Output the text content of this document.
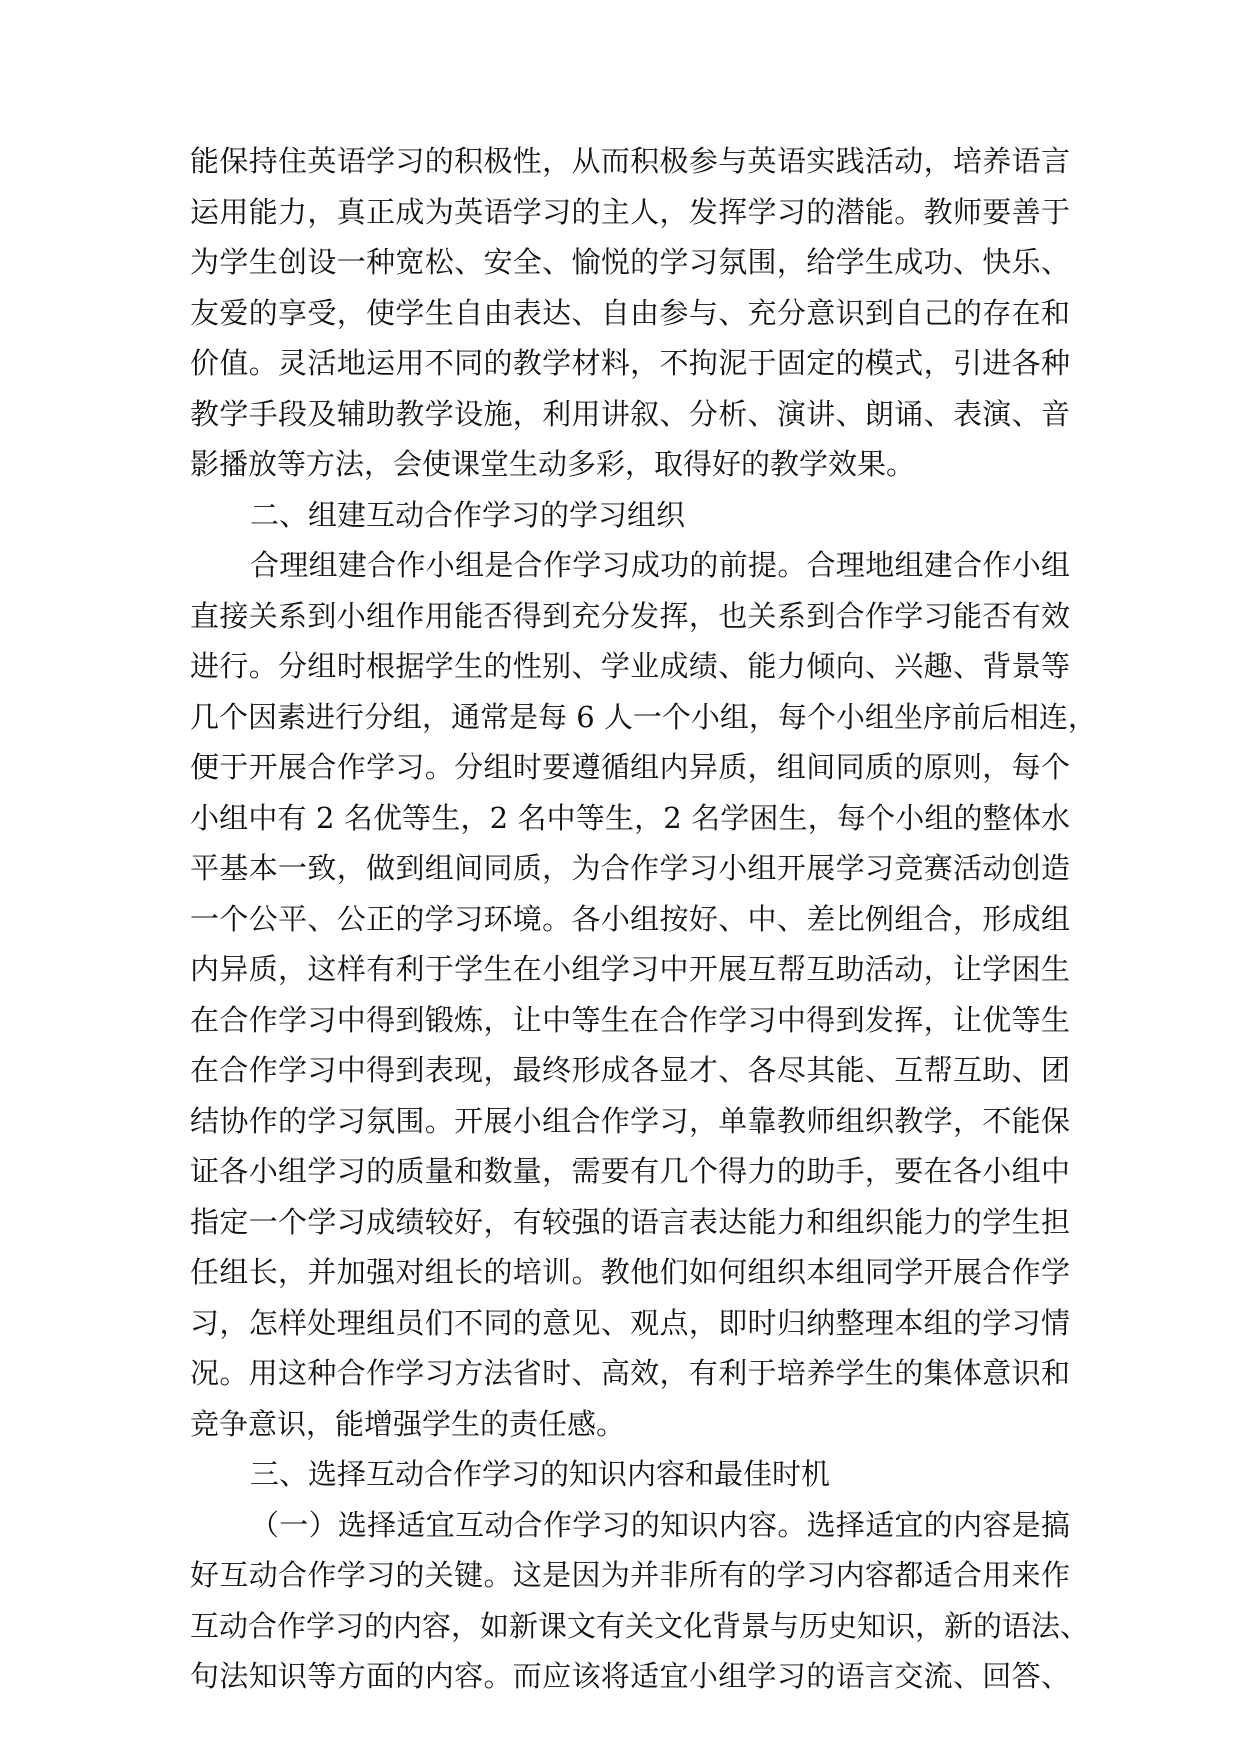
能保持住英语学习的积极性，从而积极参与英语实践活动，培养语言
运用能力，真正成为英语学习的主人，发挥学习的潜能。教师要善于
为学生创设一种宽松、安全、愉悦的学习氛围，给学生成功、快乐、
友爱的享受，使学生自由表达、自由参与、充分意识到自己的存在和
价值。灵活地运用不同的教学材料，不拘泥于固定的模式，引进各种
教学手段及辅助教学设施，利用讲叙、分析、演讲、朗诵、表演、音
影播放等方法，会使课堂生动多彩，取得好的教学效果。
二、组建互动合作学习的学习组织
合理组建合作小组是合作学习成功的前提。合理地组建合作小组
直接关系到小组作用能否得到充分发挥，也关系到合作学习能否有效
进行。分组时根据学生的性别、学业成绩、能力倾向、兴趣、背景等
几个因素进行分组，通常是每 6 人一个小组，每个小组坐序前后相连，
便于开展合作学习。分组时要遵循组内异质，组间同质的原则，每个
小组中有 2 名优等生，2 名中等生，2 名学困生，每个小组的整体水
平基本一致，做到组间同质，为合作学习小组开展学习竞赛活动创造
一个公平、公正的学习环境。各小组按好、中、差比例组合，形成组
内异质，这样有利于学生在小组学习中开展互帮互助活动，让学困生
在合作学习中得到锻炼，让中等生在合作学习中得到发挥，让优等生
在合作学习中得到表现，最终形成各显才、各尽其能、互帮互助、团
结协作的学习氛围。开展小组合作学习，单靠教师组织教学，不能保
证各小组学习的质量和数量，需要有几个得力的助手，要在各小组中
指定一个学习成绩较好，有较强的语言表达能力和组织能力的学生担
任组长，并加强对组长的培训。教他们如何组织本组同学开展合作学
习，怎样处理组员们不同的意见、观点，即时归纳整理本组的学习情
况。用这种合作学习方法省时、高效，有利于培养学生的集体意识和
竞争意识，能增强学生的责任感。
三、选择互动合作学习的知识内容和最佳时机
（一）选择适宜互动合作学习的知识内容。选择适宜的内容是搞
好互动合作学习的关键。这是因为并非所有的学习内容都适合用来作
互动合作学习的内容，如新课文有关文化背景与历史知识，新的语法、
句法知识等方面的内容。而应该将适宜小组学习的语言交流、回答、
